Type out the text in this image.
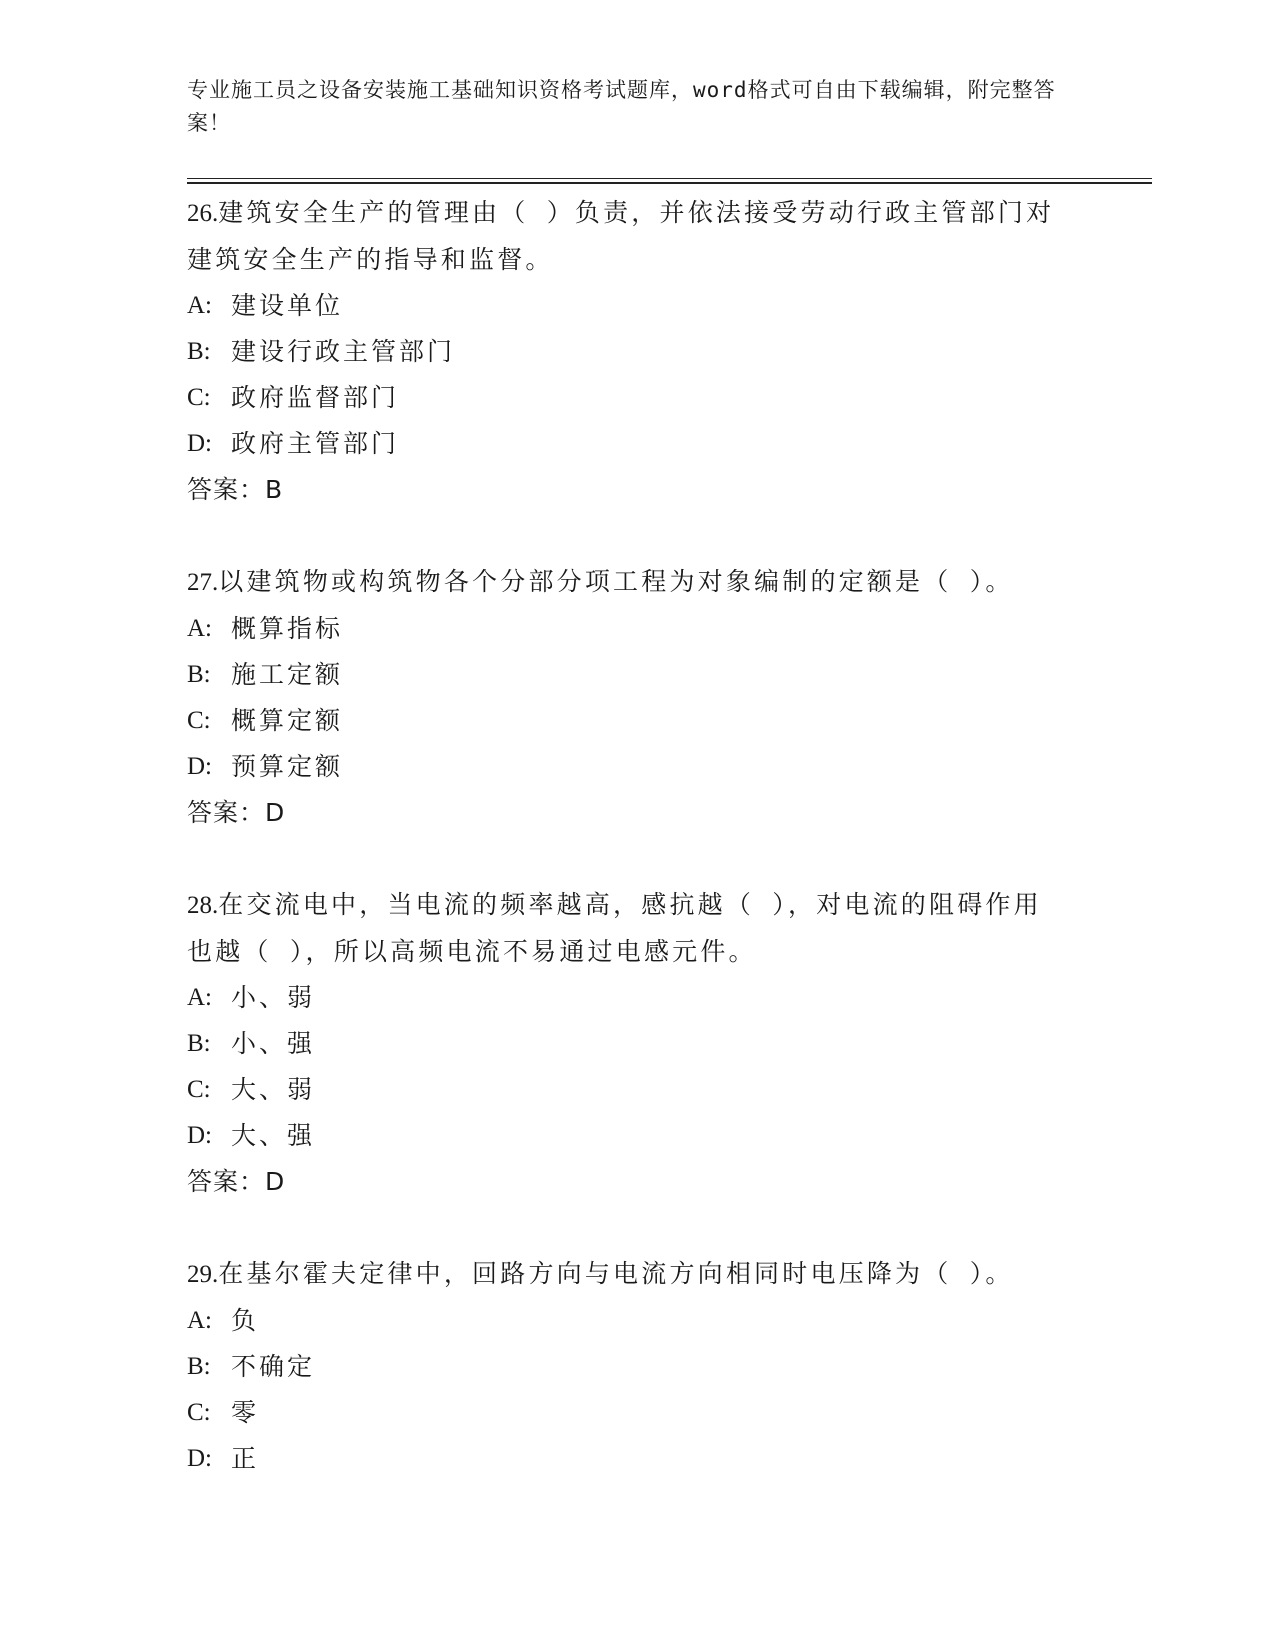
专业施工员之设备安装施工基础知识资格考试题库，word格式可自由下载编辑，附完整答案！

26.建筑安全生产的管理由（ ）负责，并依法接受劳动行政主管部门对建筑安全生产的指导和监督。

A: 建设单位

B: 建设行政主管部门

C: 政府监督部门

D: 政府主管部门

答案：B

27.以建筑物或构筑物各个分部分项工程为对象编制的定额是（ ）。

A: 概算指标

B: 施工定额

C: 概算定额

D: 预算定额

答案：D

28.在交流电中，当电流的频率越高，感抗越（ ），对电流的阻碍作用也越（ ），所以高频电流不易通过电感元件。

A: 小、弱

B: 小、强

C: 大、弱

D: 大、强

答案：D

29.在基尔霍夫定律中，回路方向与电流方向相同时电压降为（ ）。

A: 负

B: 不确定

C: 零

D: 正
